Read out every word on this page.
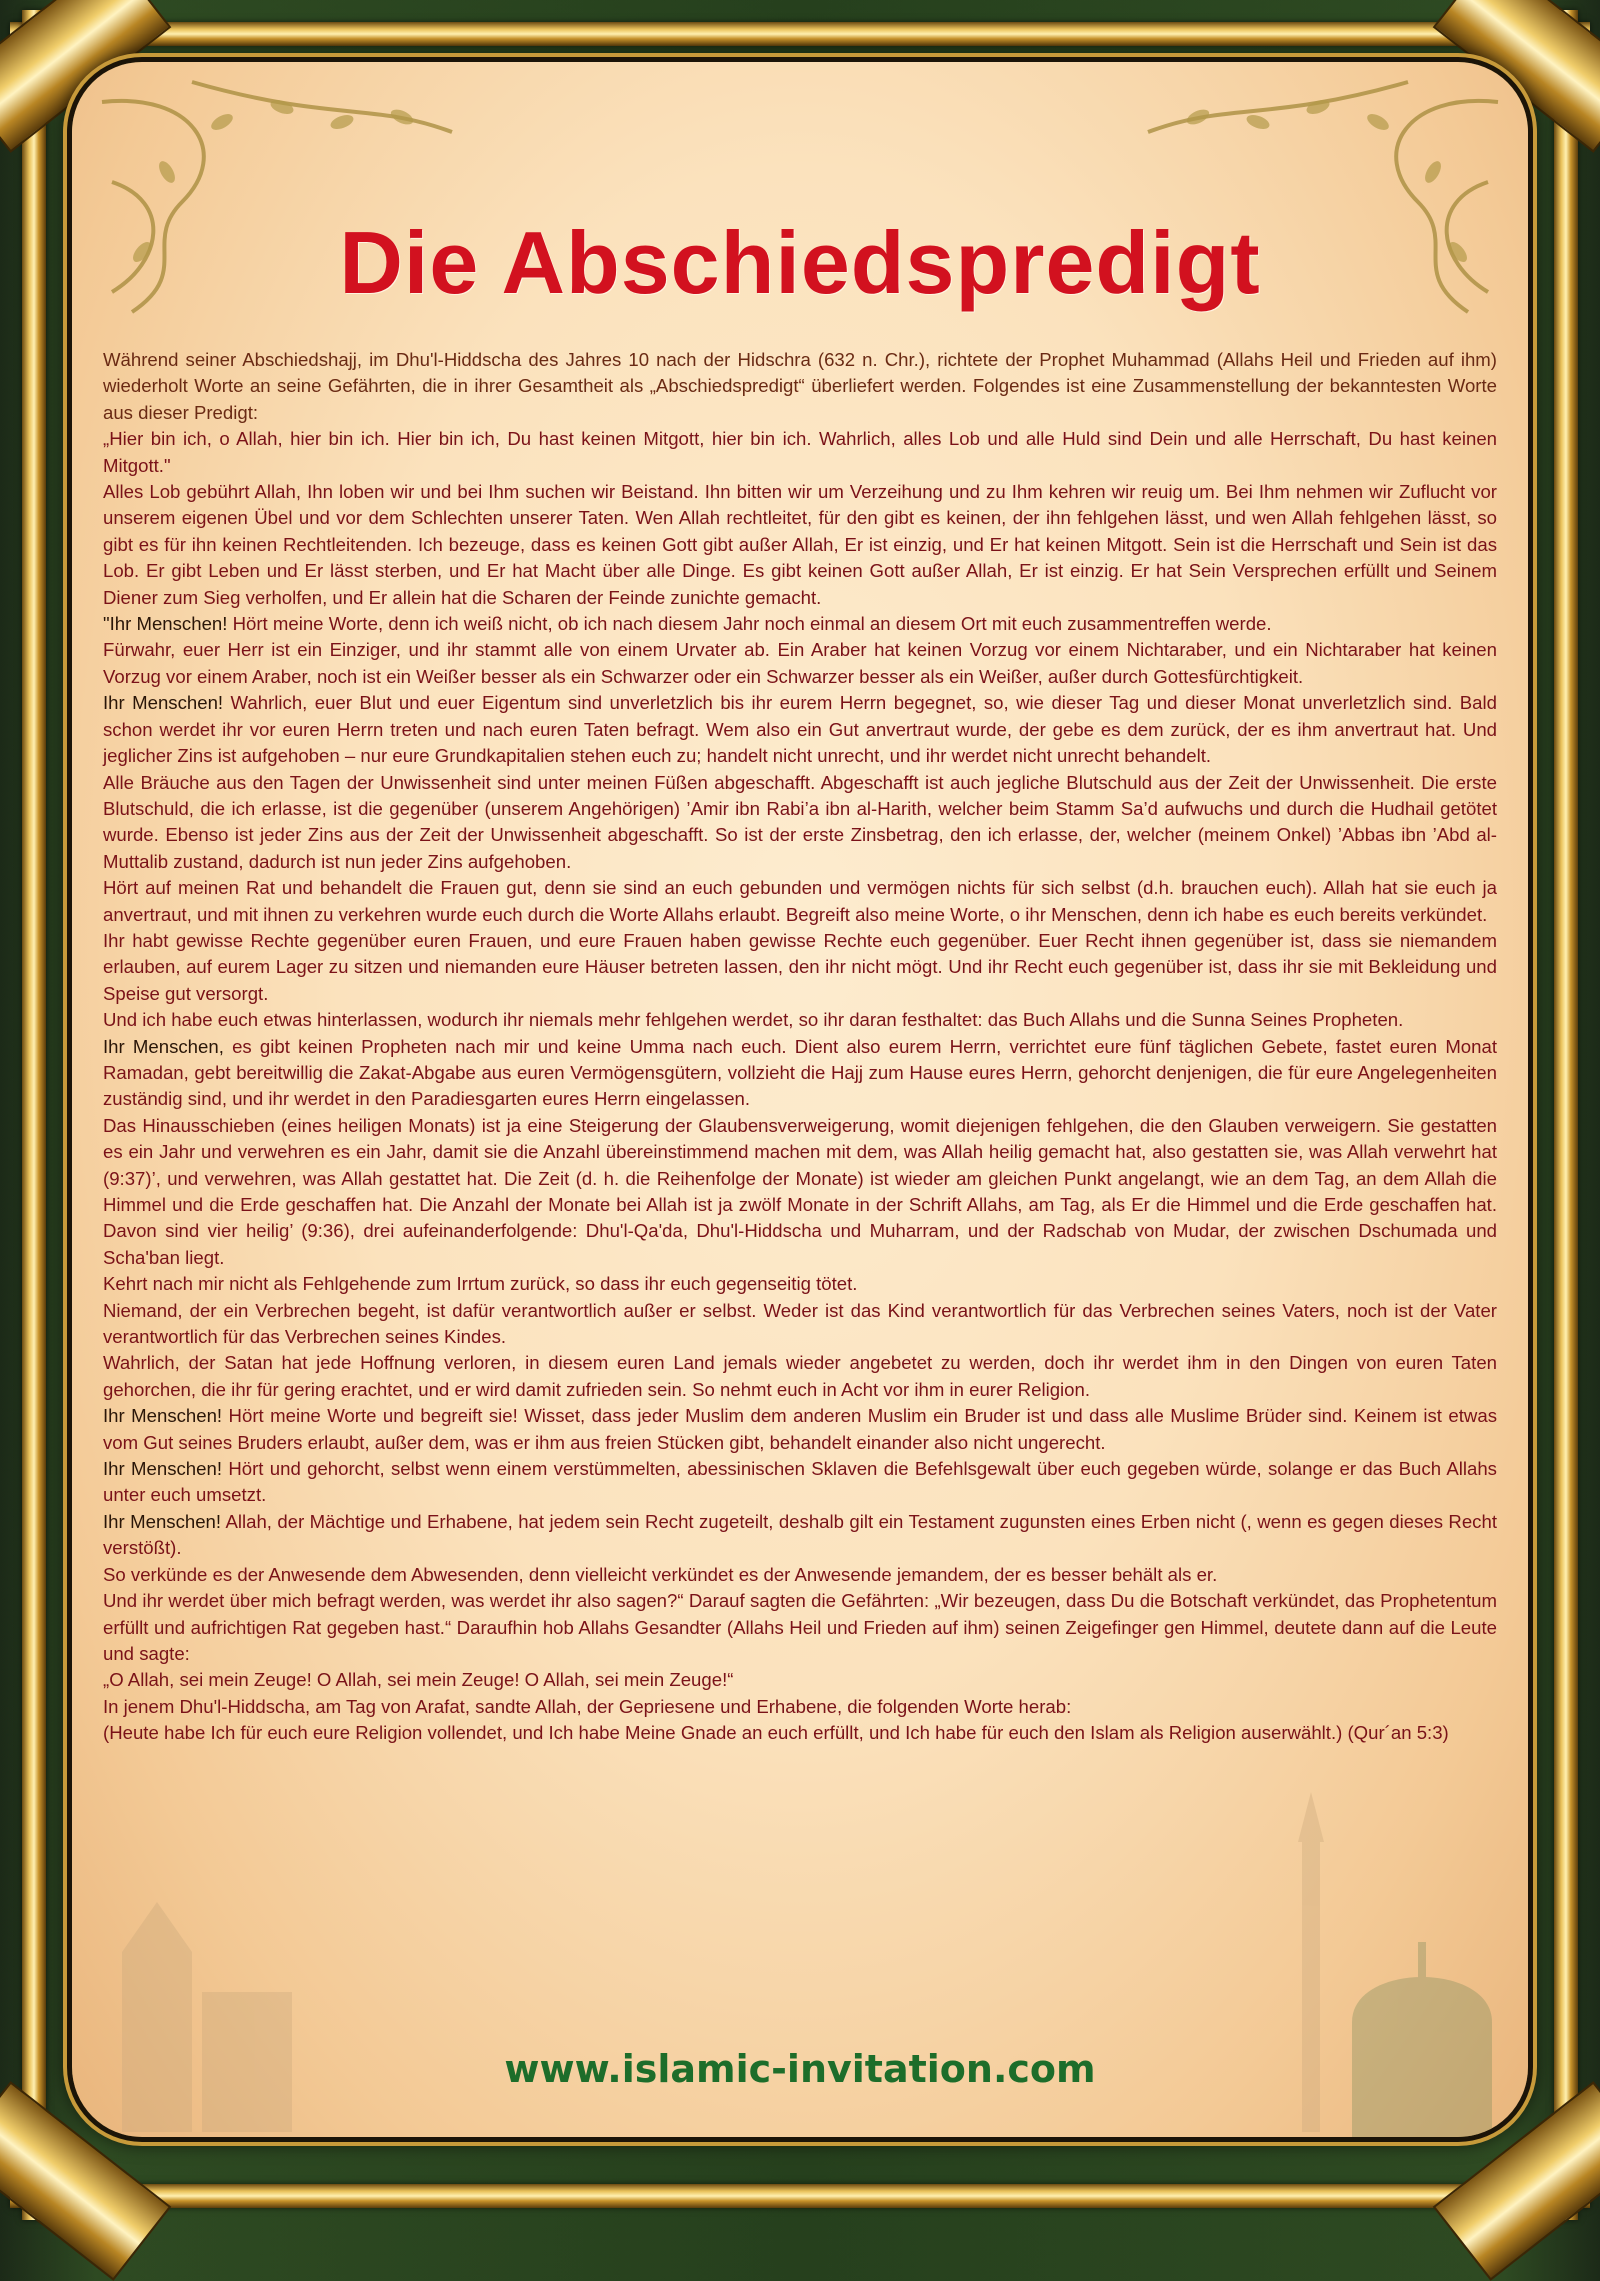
Die Abschiedspredigt

Während seiner Abschiedshajj, im Dhu'l-Hiddscha des Jahres 10 nach der Hidschra (632 n. Chr.), richtete der Prophet Muhammad (Allahs Heil und Frieden auf ihm) wiederholt Worte an seine Gefährten, die in ihrer Gesamtheit als „Abschiedspredigt“ überliefert werden. Folgendes ist eine Zusammenstellung der bekanntesten Worte aus dieser Predigt:

„Hier bin ich, o Allah, hier bin ich. Hier bin ich, Du hast keinen Mitgott, hier bin ich. Wahrlich, alles Lob und alle Huld sind Dein und alle Herrschaft, Du hast keinen Mitgott."

Alles Lob gebührt Allah, Ihn loben wir und bei Ihm suchen wir Beistand. Ihn bitten wir um Verzeihung und zu Ihm kehren wir reuig um. Bei Ihm nehmen wir Zuflucht vor unserem eigenen Übel und vor dem Schlechten unserer Taten. Wen Allah rechtleitet, für den gibt es keinen, der ihn fehlgehen lässt, und wen Allah fehlgehen lässt, so gibt es für ihn keinen Rechtleitenden. Ich bezeuge, dass es keinen Gott gibt außer Allah, Er ist einzig, und Er hat keinen Mitgott. Sein ist die Herrschaft und Sein ist das Lob. Er gibt Leben und Er lässt sterben, und Er hat Macht über alle Dinge. Es gibt keinen Gott außer Allah, Er ist einzig. Er hat Sein Versprechen erfüllt und Seinem Diener zum Sieg verholfen, und Er allein hat die Scharen der Feinde zunichte gemacht.

"Ihr Menschen! Hört meine Worte, denn ich weiß nicht, ob ich nach diesem Jahr noch einmal an diesem Ort mit euch zusammentreffen werde.

Fürwahr, euer Herr ist ein Einziger, und ihr stammt alle von einem Urvater ab. Ein Araber hat keinen Vorzug vor einem Nichtaraber, und ein Nichtaraber hat keinen Vorzug vor einem Araber, noch ist ein Weißer besser als ein Schwarzer oder ein Schwarzer besser als ein Weißer, außer durch Gottesfürchtigkeit.

Ihr Menschen! Wahrlich, euer Blut und euer Eigentum sind unverletzlich bis ihr eurem Herrn begegnet, so, wie dieser Tag und dieser Monat unverletzlich sind. Bald schon werdet ihr vor euren Herrn treten und nach euren Taten befragt. Wem also ein Gut anvertraut wurde, der gebe es dem zurück, der es ihm anvertraut hat. Und jeglicher Zins ist aufgehoben – nur eure Grundkapitalien stehen euch zu; handelt nicht unrecht, und ihr werdet nicht unrecht behandelt.

Alle Bräuche aus den Tagen der Unwissenheit sind unter meinen Füßen abgeschafft. Abgeschafft ist auch jegliche Blutschuld aus der Zeit der Unwissenheit. Die erste Blutschuld, die ich erlasse, ist die gegenüber (unserem Angehörigen) ’Amir ibn Rabi’a ibn al-Harith, welcher beim Stamm Sa’d aufwuchs und durch die Hudhail getötet wurde. Ebenso ist jeder Zins aus der Zeit der Unwissenheit abgeschafft. So ist der erste Zinsbetrag, den ich erlasse, der, welcher (meinem Onkel) ’Abbas ibn ’Abd al-Muttalib zustand, dadurch ist nun jeder Zins aufgehoben.

Hört auf meinen Rat und behandelt die Frauen gut, denn sie sind an euch gebunden und vermögen nichts für sich selbst (d.h. brauchen euch). Allah hat sie euch ja anvertraut, und mit ihnen zu verkehren wurde euch durch die Worte Allahs erlaubt. Begreift also meine Worte, o ihr Menschen, denn ich habe es euch bereits verkündet.

Ihr habt gewisse Rechte gegenüber euren Frauen, und eure Frauen haben gewisse Rechte euch gegenüber. Euer Recht ihnen gegenüber ist, dass sie niemandem erlauben, auf eurem Lager zu sitzen und niemanden eure Häuser betreten lassen, den ihr nicht mögt. Und ihr Recht euch gegenüber ist, dass ihr sie mit Bekleidung und Speise gut versorgt.

Und ich habe euch etwas hinterlassen, wodurch ihr niemals mehr fehlgehen werdet, so ihr daran festhaltet: das Buch Allahs und die Sunna Seines Propheten.

Ihr Menschen, es gibt keinen Propheten nach mir und keine Umma nach euch. Dient also eurem Herrn, verrichtet eure fünf täglichen Gebete, fastet euren Monat Ramadan, gebt bereitwillig die Zakat-Abgabe aus euren Vermögensgütern, vollzieht die Hajj zum Hause eures Herrn, gehorcht denjenigen, die für eure Angelegenheiten zuständig sind, und ihr werdet in den Paradiesgarten eures Herrn eingelassen.

Das Hinausschieben (eines heiligen Monats) ist ja eine Steigerung der Glaubensverweigerung, womit diejenigen fehlgehen, die den Glauben verweigern. Sie gestatten es ein Jahr und verwehren es ein Jahr, damit sie die Anzahl übereinstimmend machen mit dem, was Allah heilig gemacht hat, also gestatten sie, was Allah verwehrt hat (9:37)’, und verwehren, was Allah gestattet hat. Die Zeit (d. h. die Reihenfolge der Monate) ist wieder am gleichen Punkt angelangt, wie an dem Tag, an dem Allah die Himmel und die Erde geschaffen hat. Die Anzahl der Monate bei Allah ist ja zwölf Monate in der Schrift Allahs, am Tag, als Er die Himmel und die Erde geschaffen hat. Davon sind vier heilig’ (9:36), drei aufeinanderfolgende: Dhu'l-Qa'da, Dhu'l-Hiddscha und Muharram, und der Radschab von Mudar, der zwischen Dschumada und Scha'ban liegt.

Kehrt nach mir nicht als Fehlgehende zum Irrtum zurück, so dass ihr euch gegenseitig tötet.

Niemand, der ein Verbrechen begeht, ist dafür verantwortlich außer er selbst. Weder ist das Kind verantwortlich für das Verbrechen seines Vaters, noch ist der Vater verantwortlich für das Verbrechen seines Kindes.

Wahrlich, der Satan hat jede Hoffnung verloren, in diesem euren Land jemals wieder angebetet zu werden, doch ihr werdet ihm in den Dingen von euren Taten gehorchen, die ihr für gering erachtet, und er wird damit zufrieden sein. So nehmt euch in Acht vor ihm in eurer Religion.

Ihr Menschen! Hört meine Worte und begreift sie! Wisset, dass jeder Muslim dem anderen Muslim ein Bruder ist und dass alle Muslime Brüder sind. Keinem ist etwas vom Gut seines Bruders erlaubt, außer dem, was er ihm aus freien Stücken gibt, behandelt einander also nicht ungerecht.

Ihr Menschen! Hört und gehorcht, selbst wenn einem verstümmelten, abessinischen Sklaven die Befehlsgewalt über euch gegeben würde, solange er das Buch Allahs unter euch umsetzt.

Ihr Menschen! Allah, der Mächtige und Erhabene, hat jedem sein Recht zugeteilt, deshalb gilt ein Testament zugunsten eines Erben nicht (, wenn es gegen dieses Recht verstößt).

So verkünde es der Anwesende dem Abwesenden, denn vielleicht verkündet es der Anwesende jemandem, der es besser behält als er.

Und ihr werdet über mich befragt werden, was werdet ihr also sagen?“ Darauf sagten die Gefährten: „Wir bezeugen, dass Du die Botschaft verkündet, das Prophetentum erfüllt und aufrichtigen Rat gegeben hast.“ Daraufhin hob Allahs Gesandter (Allahs Heil und Frieden auf ihm) seinen Zeigefinger gen Himmel, deutete dann auf die Leute und sagte:

„O Allah, sei mein Zeuge! O Allah, sei mein Zeuge! O Allah, sei mein Zeuge!“

In jenem Dhu'l-Hiddscha, am Tag von Arafat, sandte Allah, der Gepriesene und Erhabene, die folgenden Worte herab:

(Heute habe Ich für euch eure Religion vollendet, und Ich habe Meine Gnade an euch erfüllt, und Ich habe für euch den Islam als Religion auserwählt.) (Qur´an 5:3)

www.islamic-invitation.com
